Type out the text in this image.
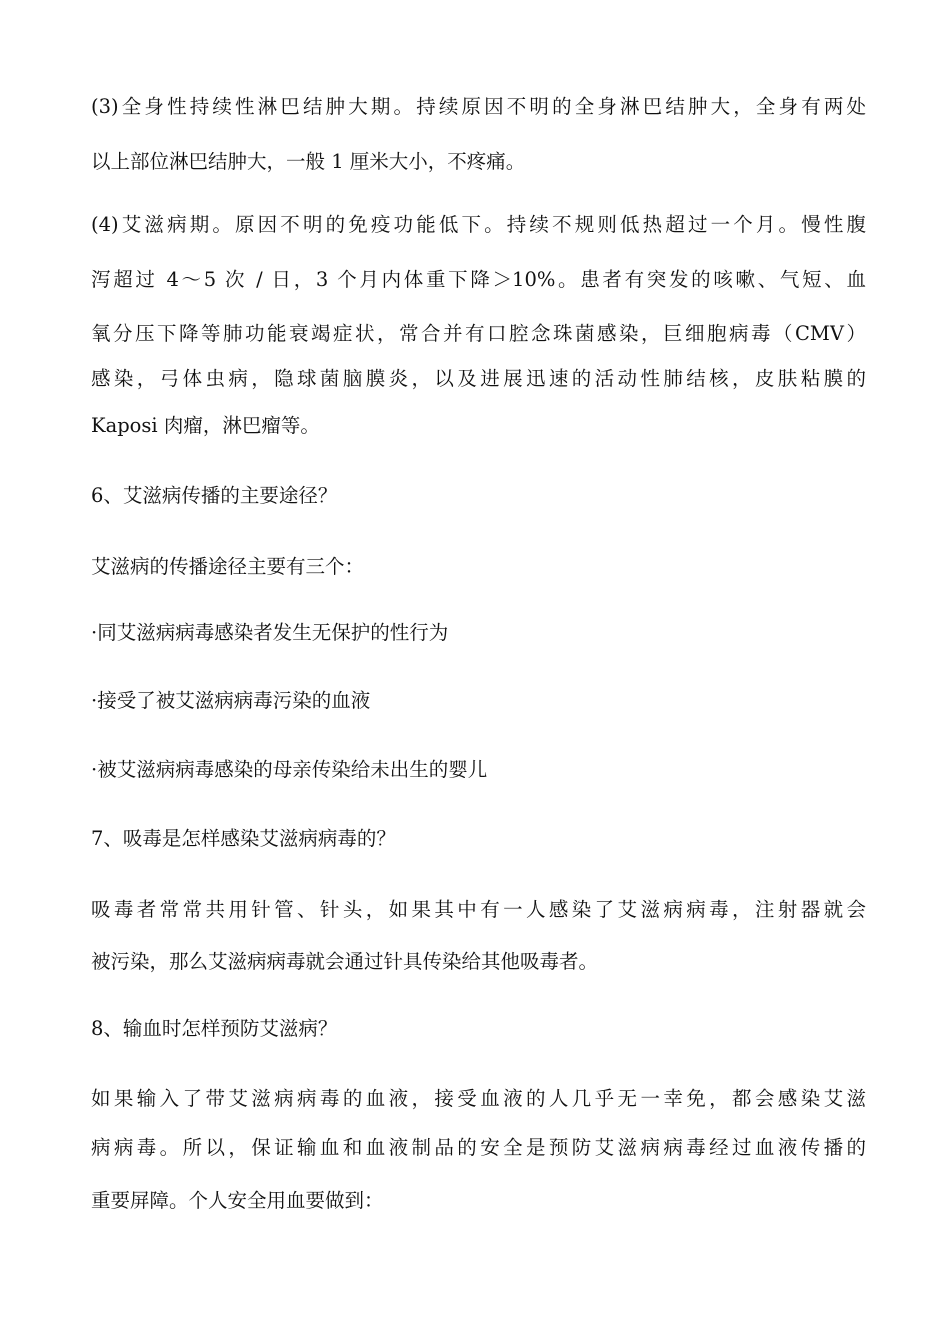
(3)全身性持续性淋巴结肿大期。持续原因不明的全身淋巴结肿大，全身有两处
以上部位淋巴结肿大，一般 1 厘米大小，不疼痛。
(4)艾滋病期。原因不明的免疫功能低下。持续不规则低热超过一个月。慢性腹
泻超过 4～5 次 / 日，3 个月内体重下降＞10%。患者有突发的咳嗽、气短、血
氧分压下降等肺功能衰竭症状，常合并有口腔念珠菌感染，巨细胞病毒（CMV）
感染，弓体虫病，隐球菌脑膜炎，以及进展迅速的活动性肺结核，皮肤粘膜的
Kaposi 肉瘤，淋巴瘤等。
6、艾滋病传播的主要途径？
艾滋病的传播途径主要有三个：
·同艾滋病病毒感染者发生无保护的性行为
·接受了被艾滋病病毒污染的血液
·被艾滋病病毒感染的母亲传染给未出生的婴儿
7、吸毒是怎样感染艾滋病病毒的？
吸毒者常常共用针管、针头，如果其中有一人感染了艾滋病病毒，注射器就会
被污染，那么艾滋病病毒就会通过针具传染给其他吸毒者。
8、输血时怎样预防艾滋病？
如果输入了带艾滋病病毒的血液，接受血液的人几乎无一幸免，都会感染艾滋
病病毒。所以，保证输血和血液制品的安全是预防艾滋病病毒经过血液传播的
重要屏障。个人安全用血要做到：
